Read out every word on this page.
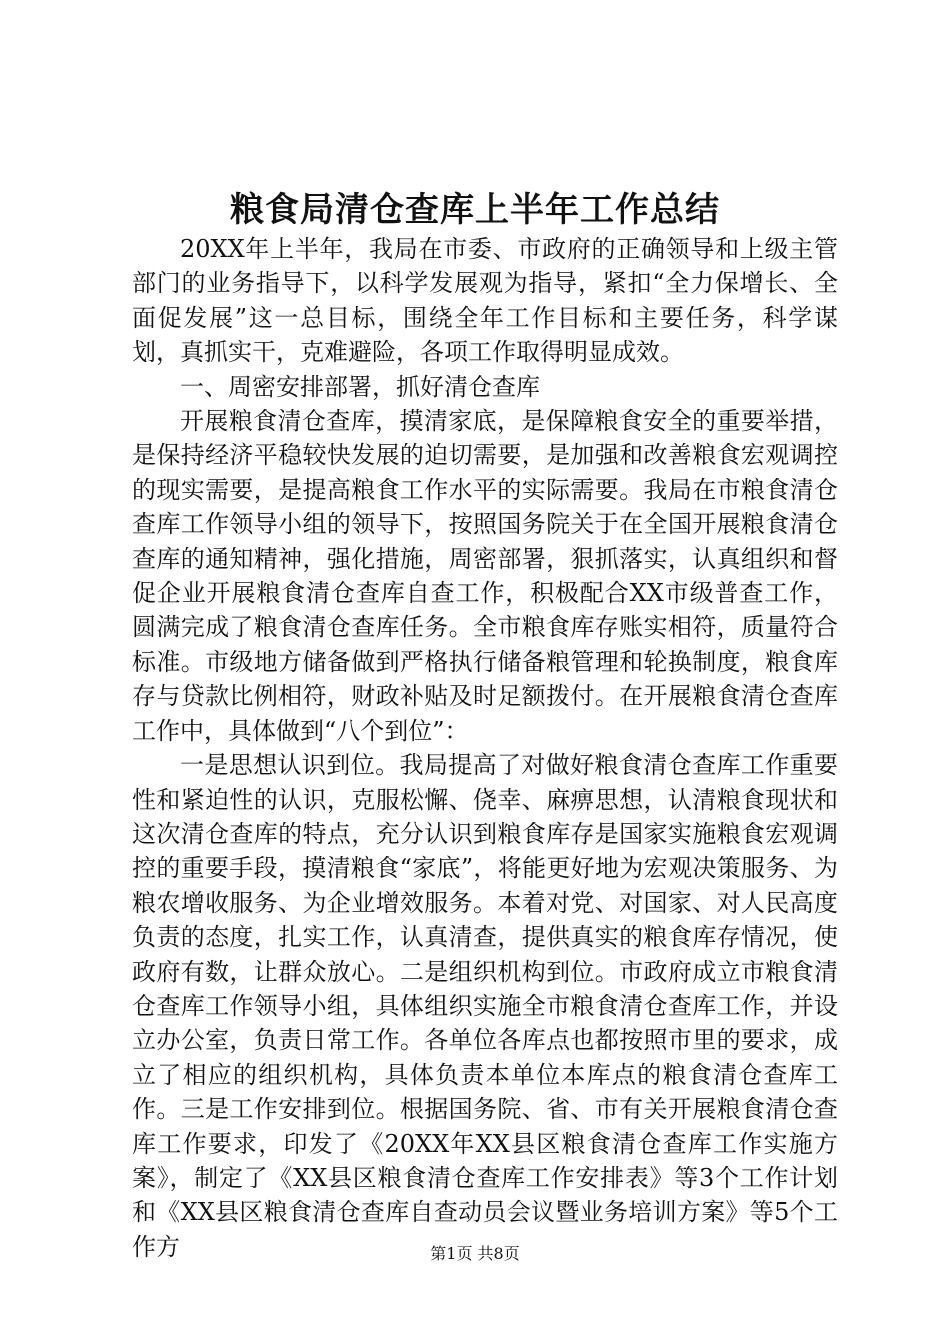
粮食局清仓查库上半年工作总结

20XX年上半年，我局在市委、市政府的正确领导和上级主管部门的业务指导下，以科学发展观为指导，紧扣“全力保增长、全面促发展”这一总目标，围绕全年工作目标和主要任务，科学谋划，真抓实干，克难避险，各项工作取得明显成效。

一、周密安排部署，抓好清仓查库

开展粮食清仓查库，摸清家底，是保障粮食安全的重要举措，是保持经济平稳较快发展的迫切需要，是加强和改善粮食宏观调控的现实需要，是提高粮食工作水平的实际需要。我局在市粮食清仓查库工作领导小组的领导下，按照国务院关于在全国开展粮食清仓查库的通知精神，强化措施，周密部署，狠抓落实，认真组织和督促企业开展粮食清仓查库自查工作，积极配合XX市级普查工作，圆满完成了粮食清仓查库任务。全市粮食库存账实相符，质量符合标准。市级地方储备做到严格执行储备粮管理和轮换制度，粮食库存与贷款比例相符，财政补贴及时足额拨付。在开展粮食清仓查库工作中，具体做到“八个到位”：

一是思想认识到位。我局提高了对做好粮食清仓查库工作重要性和紧迫性的认识，克服松懈、侥幸、麻痹思想，认清粮食现状和这次清仓查库的特点，充分认识到粮食库存是国家实施粮食宏观调控的重要手段，摸清粮食“家底”，将能更好地为宏观决策服务、为粮农增收服务、为企业增效服务。本着对党、对国家、对人民高度负责的态度，扎实工作，认真清查，提供真实的粮食库存情况，使政府有数，让群众放心。二是组织机构到位。市政府成立市粮食清仓查库工作领导小组，具体组织实施全市粮食清仓查库工作，并设立办公室，负责日常工作。各单位各库点也都按照市里的要求，成立了相应的组织机构，具体负责本单位本库点的粮食清仓查库工作。三是工作安排到位。根据国务院、省、市有关开展粮食清仓查库工作要求，印发了《20XX年XX县区粮食清仓查库工作实施方案》，制定了《XX县区粮食清仓查库工作安排表》等3个工作计划和《XX县区粮食清仓查库自查动员会议暨业务培训方案》等5个工作方	第1页 共8页
